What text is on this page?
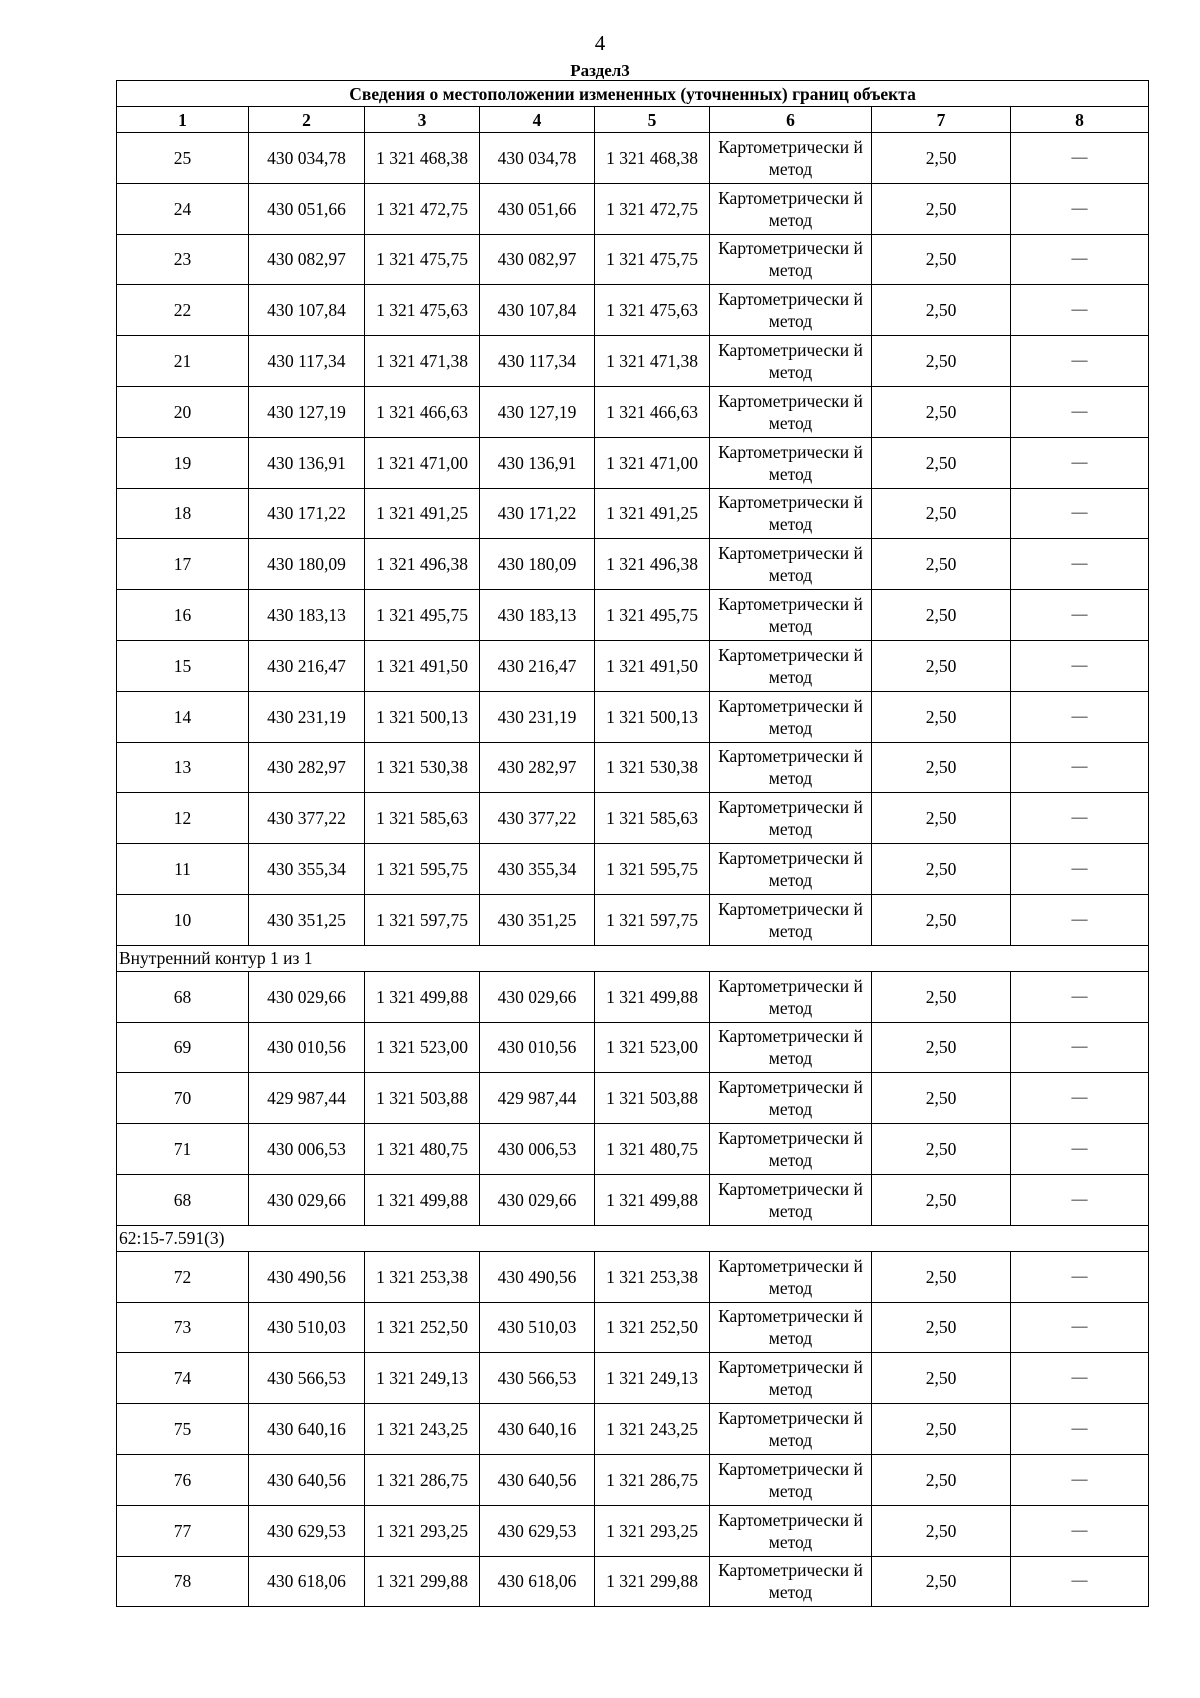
4
Раздел3
Сведения о местоположении измененных (уточненных) границ объекта							
1	2	3	4	5	6	7	8
25	430 034,78	1 321 468,38	430 034,78	1 321 468,38	Картометрически й метод	2,50	—
24	430 051,66	1 321 472,75	430 051,66	1 321 472,75	Картометрически й метод	2,50	—
23	430 082,97	1 321 475,75	430 082,97	1 321 475,75	Картометрически й метод	2,50	—
22	430 107,84	1 321 475,63	430 107,84	1 321 475,63	Картометрически й метод	2,50	—
21	430 117,34	1 321 471,38	430 117,34	1 321 471,38	Картометрически й метод	2,50	—
20	430 127,19	1 321 466,63	430 127,19	1 321 466,63	Картометрически й метод	2,50	—
19	430 136,91	1 321 471,00	430 136,91	1 321 471,00	Картометрически й метод	2,50	—
18	430 171,22	1 321 491,25	430 171,22	1 321 491,25	Картометрически й метод	2,50	—
17	430 180,09	1 321 496,38	430 180,09	1 321 496,38	Картометрически й метод	2,50	—
16	430 183,13	1 321 495,75	430 183,13	1 321 495,75	Картометрически й метод	2,50	—
15	430 216,47	1 321 491,50	430 216,47	1 321 491,50	Картометрически й метод	2,50	—
14	430 231,19	1 321 500,13	430 231,19	1 321 500,13	Картометрически й метод	2,50	—
13	430 282,97	1 321 530,38	430 282,97	1 321 530,38	Картометрически й метод	2,50	—
12	430 377,22	1 321 585,63	430 377,22	1 321 585,63	Картометрически й метод	2,50	—
11	430 355,34	1 321 595,75	430 355,34	1 321 595,75	Картометрически й метод	2,50	—
10	430 351,25	1 321 597,75	430 351,25	1 321 597,75	Картометрически й метод	2,50	—
Внутренний контур 1 из 1							
68	430 029,66	1 321 499,88	430 029,66	1 321 499,88	Картометрически й метод	2,50	—
69	430 010,56	1 321 523,00	430 010,56	1 321 523,00	Картометрически й метод	2,50	—
70	429 987,44	1 321 503,88	429 987,44	1 321 503,88	Картометрически й метод	2,50	—
71	430 006,53	1 321 480,75	430 006,53	1 321 480,75	Картометрически й метод	2,50	—
68	430 029,66	1 321 499,88	430 029,66	1 321 499,88	Картометрически й метод	2,50	—
62:15-7.591(3)							
72	430 490,56	1 321 253,38	430 490,56	1 321 253,38	Картометрически й метод	2,50	—
73	430 510,03	1 321 252,50	430 510,03	1 321 252,50	Картометрически й метод	2,50	—
74	430 566,53	1 321 249,13	430 566,53	1 321 249,13	Картометрически й метод	2,50	—
75	430 640,16	1 321 243,25	430 640,16	1 321 243,25	Картометрически й метод	2,50	—
76	430 640,56	1 321 286,75	430 640,56	1 321 286,75	Картометрически й метод	2,50	—
77	430 629,53	1 321 293,25	430 629,53	1 321 293,25	Картометрически й метод	2,50	—
78	430 618,06	1 321 299,88	430 618,06	1 321 299,88	Картометрически й метод	2,50	—
